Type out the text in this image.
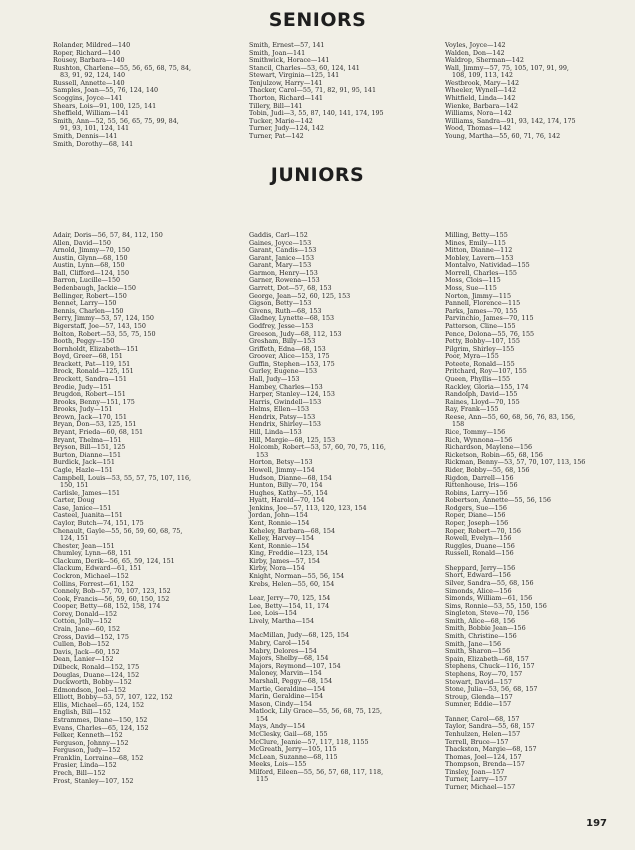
SENIORS
Rolander, Mildred—140
Roper, Richard—140
Rousey, Barbara—140
Rushton, Charlene—55, 56, 65, 68, 75, 84,
83, 91, 92, 124, 140
Russell, Annette—140
Samples, Joan—55, 76, 124, 140
Scoggins, Joyce—141
Shears, Lois—91, 100, 125, 141
Sheffield, William—141
Smith, Ann—52, 55, 56, 65, 75, 99, 84,
91, 93, 101, 124, 141
Smith, Dennis—141
Smith, Dorothy—68, 141
Smith, Ernest—57, 141
Smith, Joan—141
Smithwick, Horace—141
Stancil, Charles—53, 60, 124, 141
Stewart, Virginia—125, 141
Tenjulzow, Harry—141
Thacker, Carol—55, 71, 82, 91, 95, 141
Thorton, Richard—141
Tillery, Bill—141
Tobin, Judi—3, 55, 87, 140, 141, 174, 195
Tucker, Marie—142
Turner, Judy—124, 142
Turner, Pat—142
Voyles, Joyce—142
Walden, Don—142
Waldrop, Sherman—142
Wall, Jimmy—57, 75, 105, 107, 91, 99,
108, 109, 113, 142
Westbrook, Mary—142
Wheeler, Wynell—142
Whitfield, Linda—142
Wienke, Barbara—142
Williams, Nora—142
Williams, Sandra—91, 93, 142, 174, 175
Wood, Thomas—142
Young, Martha—55, 60, 71, 76, 142
JUNIORS
Adair, Doris—56, 57, 84, 112, 150
Allen, David—150
Arnold, Jimmy—70, 150
Austin, Glynn—68, 150
Austin, Lynn—68, 150
Ball, Clifford—124, 150
Barron, Lucille—150
Bedenbaugh, Jackie—150
Bellinger, Robert—150
Bennet, Larry—150
Bennis, Charlen—150
Berry, Jimmy—53, 57, 124, 150
Bigerstaff, Joe—57, 143, 150
Bolton, Robert—53, 55, 75, 150
Booth, Peggy—150
Bornholdt, Elizabeth—151
Boyd, Greer—68, 151
Brackett, Pat—119, 151
Brock, Ronald—125, 151
Brockett, Sandra—151
Brodie, Judy—151
Brugdon, Robert—151
Brooks, Benny—151, 175
Brooks, Judy—151
Brown, Jack—170, 151
Bryan, Don—53, 125, 151
Bryant, Frieda—60, 68, 151
Bryant, Thelma—151
Bryson, Bill—151, 125
Burton, Dianne—151
Burdick, Jack—151
Cagle, Hazle—151
Campbell, Louis—53, 55, 57, 75, 107, 116,
150, 151
Carlisle, James—151
Carter, Doug
Case, Janice—151
Casteel, Juanita—151
Caylor, Butch—74, 151, 175
Chenault, Gayle—55, 56, 59, 60, 68, 75,
124, 151
Chester, Jean—151
Chumley, Lynn—68, 151
Clackum, Derik—56, 65, 59, 124, 151
Clackum, Edward—61, 151
Cockron, Michael—152
Collins, Forrest—61, 152
Connely, Bob—57, 70, 107, 123, 152
Cook, Francis—56, 59, 60, 150, 152
Cooper, Betty—68, 152, 158, 174
Corey, Donald—152
Cotton, Jolly—152
Crain, Jane—60, 152
Cross, David—152, 175
Cullen, Bob—152
Davis, Jack—60, 152
Dean, Lanier—152
Dilbeck, Ronald—152, 175
Douglas, Duane—124, 152
Duckworth, Bobby—152
Edmondson, Joel—152
Elliott, Bobby—53, 57, 107, 122, 152
Ellis, Michael—65, 124, 152
English, Bill—152
Estrammes, Diane—150, 152
Evans, Charles—65, 124, 152
Felker, Kenneth—152
Ferguson, Johnny—152
Ferguson, Judy—152
Franklin, Lorraine—68, 152
Frasier, Linda—152
Frech, Bill—152
Frost, Stanley—107, 152
Gaddis, Carl—152
Gaines, Joyce—153
Garant, Candis—153
Garant, Janice—153
Garant, Mary—153
Garmon, Henry—153
Garner, Rowena—153
Garrett, Dot—57, 68, 153
George, Jean—52, 60, 125, 153
Gigson, Betty—153
Givens, Ruth—68, 153
Gladney, Lynette—68, 153
Godfrey, Jesse—153
Greeson, Judy—68, 112, 153
Gresham, Billy—153
Griffeth, Edna—68, 153
Groover, Alice—153, 175
Guffin, Stephen—153, 175
Gurley, Eugene—153
Hall, Judy—153
Hambey, Charles—153
Harper, Stanley—124, 153
Harris, Gwindell—153
Helms, Ellen—153
Hendrix, Patsy—153
Hendrix, Shirley—153
Hill, Linda—153
Hill, Margie—68, 125, 153
Holcomb, Robert—53, 57, 60, 70, 75, 116,
153
Horton, Betsy—153
Howell, Jimmy—154
Hudson, Dianne—68, 154
Hunton, Billy—70, 154
Hughes, Kathy—55, 154
Hyatt, Harold—70, 154
Jenkins, Joe—57, 113, 120, 123, 154
Jordan, John—154
Kent, Ronnie—154
Keheley, Barbara—68, 154
Kelley, Harvey—154
Kent, Ronnie—154
King, Freddie—123, 154
Kirby, James—57, 154
Kirby, Nora—154
Knight, Norman—55, 56, 154
Krebs, Helen—55, 60, 154
Lear, Jerry—70, 125, 154
Lee, Betty—154, 11, 174
Lee, Lois—154
Lively, Martha—154
MacMillan, Judy—68, 125, 154
Mabry, Carol—154
Mabry, Delores—154
Majors, Shelby—68, 154
Majors, Reymond—107, 154
Maloney, Marvin—154
Marshall, Peggy—68, 154
Martie, Geraldine—154
Marin, Geraldine—154
Mason, Cindy—154
Matlock, Lily Grace—55, 56, 68, 75, 125,
154
Mays, Andy—154
McClesky, Gail—68, 155
McClure, Jeanie—57, 117, 118, 1155
McGreath, Jerry—105, 115
McLean, Suzanne—68, 115
Meeks, Lois—155
Milford, Eileen—55, 56, 57, 68, 117, 118,
115
Milling, Betty—155
Mines, Emily—115
Mitton, Dianne—112
Mobley, Lavern—153
Montalvo, Natividad—155
Morrell, Charles—155
Moss, Clois—115
Moss, Sue—115
Norton, Jimmy—115
Pannell, Florence—115
Parks, James—70, 155
Parvinchio, James—70, 115
Patterson, Cline—155
Pence, Dolona—55, 76, 155
Petty, Bobby—107, 155
Pilgrim, Shirley—155
Poor, Myra—155
Poteete, Ronald—155
Pritchard, Roy—107, 155
Queen, Phyllis—155
Rackley, Gloria—155, 174
Randolph, David—155
Raines, Lloyd—70, 155
Ray, Frank—155
Reese, Ann—55, 60, 68, 56, 76, 83, 156,
158
Rice, Tommy—156
Rich, Wynnona—156
Richardson, Maylene—156
Ricketson, Robin—65, 68, 156
Rickman, Benny—53, 57, 70, 107, 113, 156
Rider, Bobby—55, 68, 156
Rigdon, Darrell—156
Rittenhouse, Iris—156
Robins, Larry—156
Robertson, Annette—55, 56, 156
Rodgers, Sue—156
Roper, Diane—156
Roper, Joseph—156
Roper, Robert—70, 156
Rowell, Evelyn—156
Ruggles, Duane—156
Russell, Ronald—156
Sheppard, Jerry—156
Short, Edward—156
Silver, Sandra—55, 68, 156
Simonds, Alice—156
Simonds, William—61, 156
Sims, Ronnie—53, 55, 150, 156
Singleton, Steve—70, 156
Smith, Alice—68, 156
Smith, Bobbie Jean—156
Smith, Christine—156
Smith, Jane—156
Smith, Sharon—156
Spain, Elizabeth—68, 157
Stephens, Chuck—116, 157
Stephens, Roy—70, 157
Stewart, David—157
Stone, Julia—53, 56, 68, 157
Stroup, Glenda—157
Sumner, Eddie—157
Tanner, Carol—68, 157
Taylor, Sandra—55, 68, 157
Tenhulzen, Helen—157
Terrell, Bruce—157
Thackston, Margie—68, 157
Thomas, Joel—124, 157
Thompson, Brenda—157
Tinsley, Joan—157
Turner, Larry—157
Turner, Michael—157
197
